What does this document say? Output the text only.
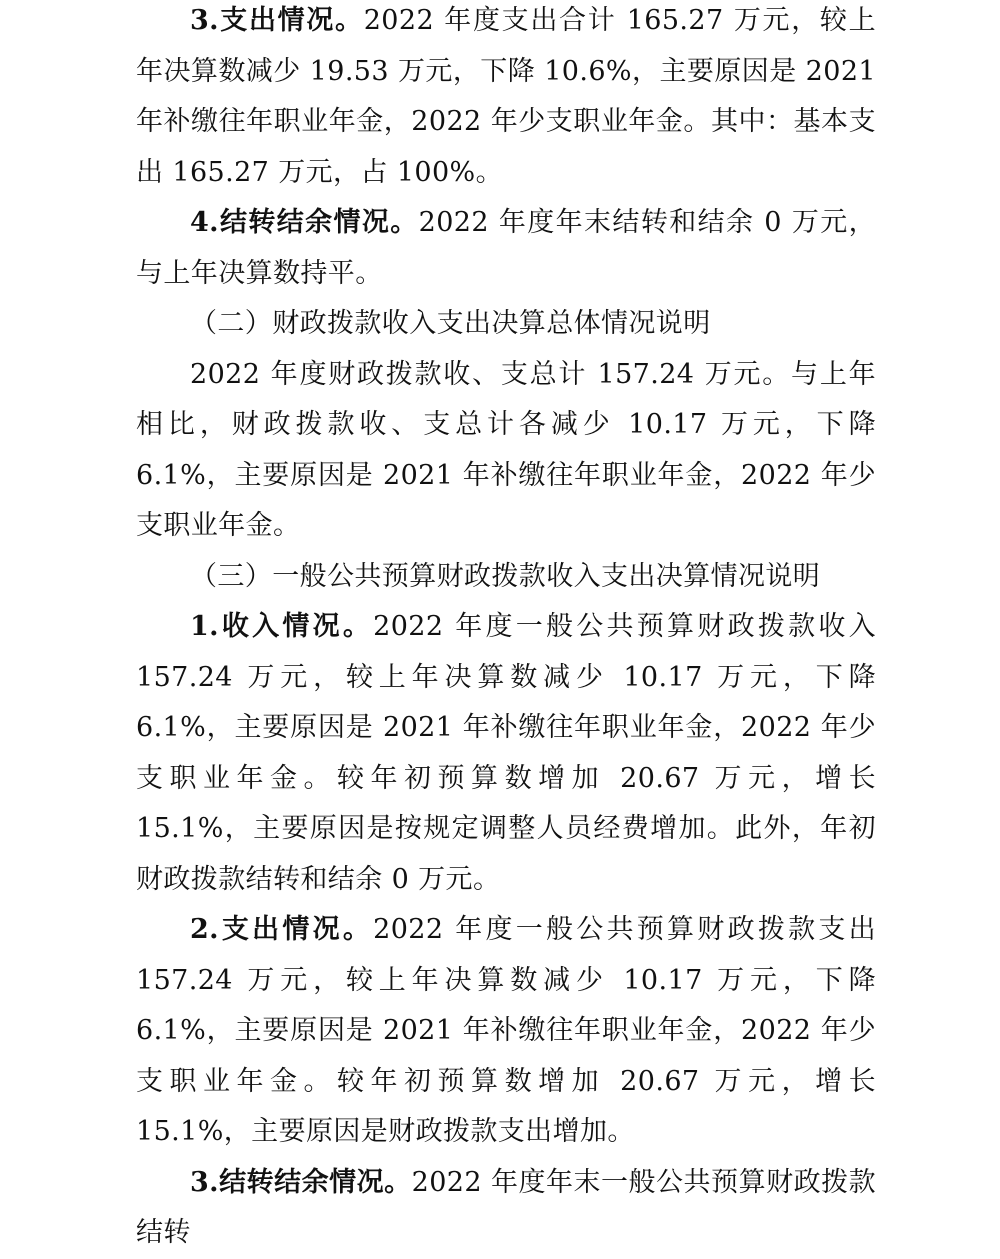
3.支出情况。2022 年度支出合计 165.27 万元，较上年决算数减少 19.53 万元，下降 10.6%，主要原因是 2021 年补缴往年职业年金，2022 年少支职业年金。其中：基本支出 165.27 万元，占 100%。

4.结转结余情况。2022 年度年末结转和结余 0 万元，与上年决算数持平。

（二）财政拨款收入支出决算总体情况说明

2022 年度财政拨款收、支总计 157.24 万元。与上年相比，财政拨款收、支总计各减少 10.17 万元，下降 6.1%，主要原因是 2021 年补缴往年职业年金，2022 年少支职业年金。

（三）一般公共预算财政拨款收入支出决算情况说明

1.收入情况。2022 年度一般公共预算财政拨款收入 157.24 万元，较上年决算数减少 10.17 万元，下降 6.1%，主要原因是 2021 年补缴往年职业年金，2022 年少支职业年金。较年初预算数增加 20.67 万元，增长 15.1%，主要原因是按规定调整人员经费增加。此外，年初财政拨款结转和结余 0 万元。

2.支出情况。2022 年度一般公共预算财政拨款支出 157.24 万元，较上年决算数减少 10.17 万元，下降 6.1%，主要原因是 2021 年补缴往年职业年金，2022 年少支职业年金。较年初预算数增加 20.67 万元，增长 15.1%，主要原因是财政拨款支出增加。

3.结转结余情况。2022 年度年末一般公共预算财政拨款结转
